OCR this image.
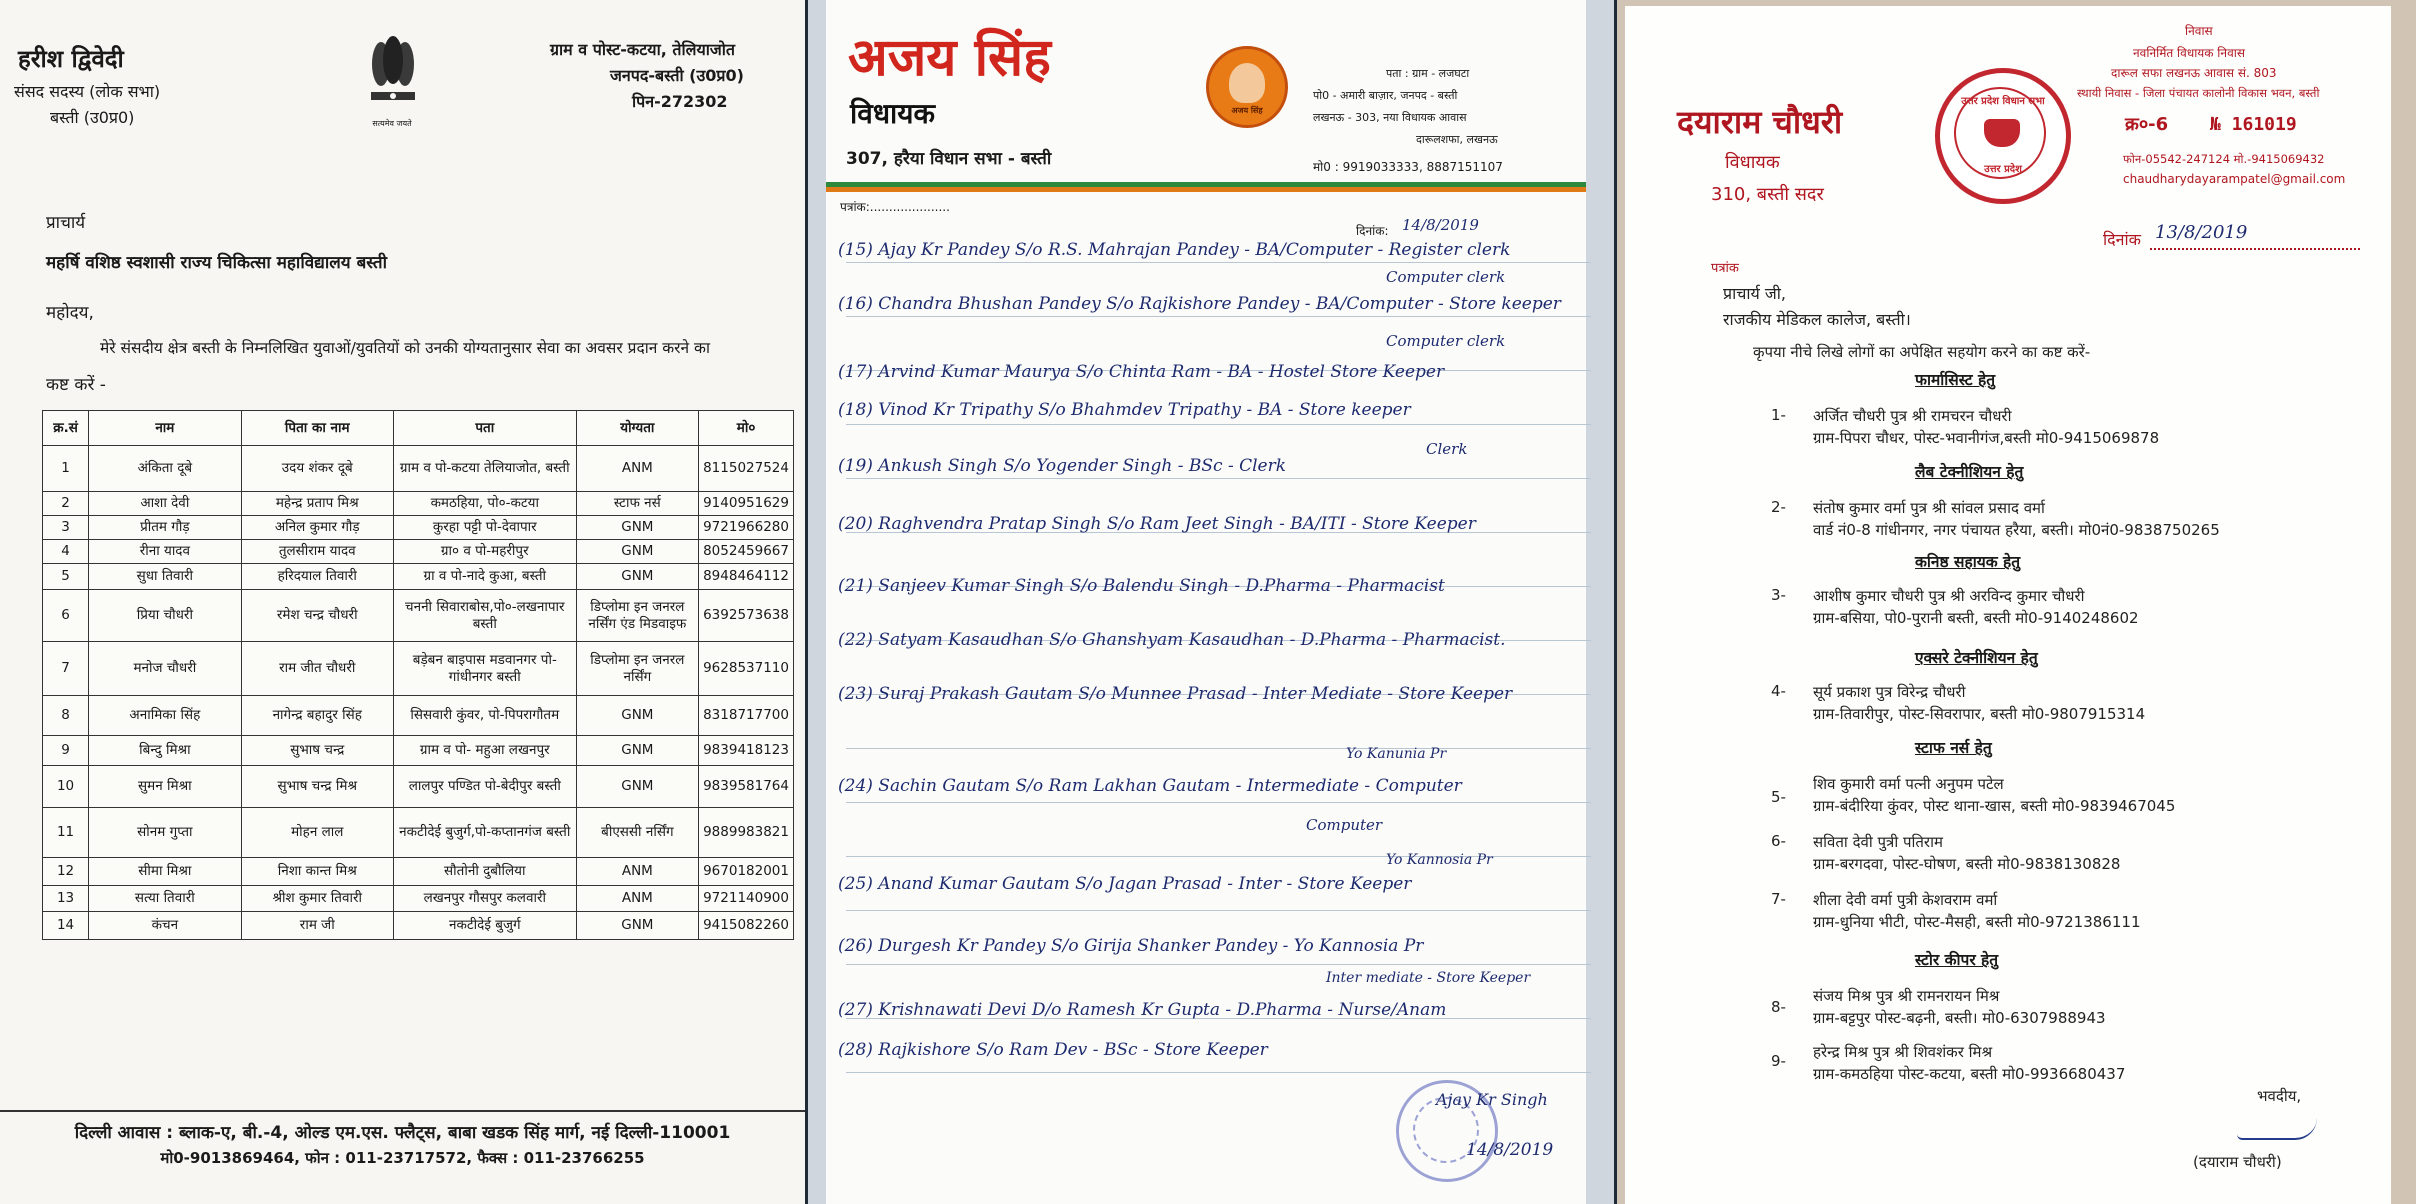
हरीश द्विवेदी
संसद सदस्य (लोक सभा)
बस्ती (उ0प्र0)	सत्यमेव जयते
ग्राम व पोस्ट-कटया, तेलियाजोत
जनपद-बस्ती (उ0प्र0)
पिन-272302
प्राचार्य
महर्षि वशिष्ठ स्वशासी राज्य चिकित्सा महाविद्यालय बस्ती
महोदय,
मेरे संसदीय क्षेत्र बस्ती के निम्नलिखित युवाओं/युवतियों को उनकी योग्यतानुसार सेवा का अवसर प्रदान करने का
कष्ट करें -
क्र.सं	नाम	पिता का नाम	पता	योग्यता	मो०
1	अंकिता दूबे	उदय शंकर दूबे	ग्राम व पो-कटया तेलियाजोत, बस्ती	ANM	8115027524
2	आशा देवी	महेन्द्र प्रताप मिश्र	कमठहिया, पो०-कटया	स्टाफ नर्स	9140951629
3	प्रीतम गौड़	अनिल कुमार गौड़	कुरहा पट्टी पो-देवापार	GNM	9721966280
4	रीना यादव	तुलसीराम यादव	ग्रा० व पो-महरीपुर	GNM	8052459667
5	सुधा तिवारी	हरिदयाल तिवारी	ग्रा व पो-नादे कुआ, बस्ती	GNM	8948464112
6	प्रिया चौधरी	रमेश चन्द्र चौधरी	चननी सिवाराबोस,पो०-लखनापार बस्ती	डिप्लोमा इन जनरल नर्सिंग एंड मिडवाइफ	6392573638
7	मनोज चौधरी	राम जीत चौधरी	बड़ेबन बाइपास मडवानगर पो-गांधीनगर बस्ती	डिप्लोमा इन जनरल नर्सिंग	9628537110
8	अनामिका सिंह	नागेन्द्र बहादुर सिंह	सिसवारी कुंवर, पो-पिपरागौतम	GNM	8318717700
9	बिन्दु मिश्रा	सुभाष चन्द्र	ग्राम व पो- महुआ लखनपुर	GNM	9839418123
10	सुमन मिश्रा	सुभाष चन्द्र मिश्र	लालपुर पण्डित पो-बेदीपुर बस्ती	GNM	9839581764
11	सोनम गुप्ता	मोहन लाल	नकटीदेई बुजुर्ग,पो-कप्तानगंज बस्ती	बीएससी नर्सिंग	9889983821
12	सीमा मिश्रा	निशा कान्त मिश्र	सौतोनी दुबौलिया	ANM	9670182001
13	सत्या तिवारी	श्रीश कुमार तिवारी	लखनपुर गौसपुर कलवारी	ANM	9721140900
14	कंचन	राम जी	नकटीदेई बुजुर्ग	GNM	9415082260
दिल्ली आवास : ब्लाक-ए, बी.-4, ओल्ड एम.एस. फ्लैट्स, बाबा खडक सिंह मार्ग, नई दिल्ली-110001
मो0-9013869464, फोन : 011-23717572, फैक्स : 011-23766255
अजय सिंह
विधायक
307, हरैया विधान सभा - बस्ती
अजय सिंह
पता : ग्राम - लजघटा
पो0 - अमारी बाज़ार, जनपद - बस्ती
लखनऊ - 303, नया विधायक आवास
दारूलशफा, लखनऊ
मो0 : 9919033333, 8887151107
पत्रांक:.....................
दिनांक: 14/8/2019
(15) Ajay Kr Pandey S/o R.S. Mahrajan Pandey - BA/Computer - Register clerk
Computer clerk
(16) Chandra Bhushan Pandey S/o Rajkishore Pandey - BA/Computer - Store keeper
Computer clerk
(17) Arvind Kumar Maurya S/o Chinta Ram - BA - Hostel Store Keeper
(18) Vinod Kr Tripathy S/o Bhahmdev Tripathy - BA - Store keeper
Clerk
(19) Ankush Singh S/o Yogender Singh - BSc - Clerk
(20) Raghvendra Pratap Singh S/o Ram Jeet Singh - BA/ITI - Store Keeper
(21) Sanjeev Kumar Singh S/o Balendu Singh - D.Pharma - Pharmacist
(22) Satyam Kasaudhan S/o Ghanshyam Kasaudhan - D.Pharma - Pharmacist.
(23) Suraj Prakash Gautam S/o Munnee Prasad - Inter Mediate - Store Keeper
Yo Kanunia Pr
(24) Sachin Gautam S/o Ram Lakhan Gautam - Intermediate - Computer
Computer
Yo Kannosia Pr
(25) Anand Kumar Gautam S/o Jagan Prasad - Inter - Store Keeper
(26) Durgesh Kr Pandey S/o Girija Shanker Pandey - Yo Kannosia Pr
Inter mediate - Store Keeper
(27) Krishnawati Devi D/o Ramesh Kr Gupta - D.Pharma - Nurse/Anam
(28) Rajkishore S/o Ram Dev - BSc - Store Keeper
Ajay Kr Singh
14/8/2019
दयाराम चौधरी
विधायक
310, बस्ती सदर
उत्तर प्रदेश विधान सभा
उत्तर प्रदेश
निवास
नवनिर्मित विधायक निवास
दारूल सफा लखनऊ आवास सं. 803
स्थायी निवास - जिला पंचायत कालोनी विकास भवन, बस्ती
क्र०-6 № 161019
फोन-05542-247124 मो.-9415069432
chaudharydayarampatel@gmail.com
दिनांक 13/8/2019
पत्रांक
प्राचार्य जी,
राजकीय मेडिकल कालेज, बस्ती।
कृपया नीचे लिखे लोगों का अपेक्षित सहयोग करने का कष्ट करें-
फार्मासिस्ट हेतु
1- अर्जित चौधरी पुत्र श्री रामचरन चौधरी
ग्राम-पिपरा चौधर, पोस्ट-भवानीगंज,बस्ती मो0-9415069878
लैब टेक्नीशियन हेतु
2- संतोष कुमार वर्मा पुत्र श्री सांवल प्रसाद वर्मा
वार्ड नं0-8 गांधीनगर, नगर पंचायत हरैया, बस्ती। मो0नं0-9838750265
कनिष्ठ सहायक हेतु
3- आशीष कुमार चौधरी पुत्र श्री अरविन्द कुमार चौधरी
ग्राम-बसिया, पो0-पुरानी बस्ती, बस्ती मो0-9140248602
एक्सरे टेक्नीशियन हेतु
4- सूर्य प्रकाश पुत्र विरेन्द्र चौधरी
ग्राम-तिवारीपुर, पोस्ट-सिवरापार, बस्ती मो0-9807915314
स्टाफ नर्स हेतु
5-
शिव कुमारी वर्मा पत्नी अनुपम पटेल
ग्राम-बंदीरिया कुंवर, पोस्ट थाना-खास, बस्ती मो0-9839467045
6- सविता देवी पुत्री पतिराम
ग्राम-बरगदवा, पोस्ट-घोषण, बस्ती मो0-9838130828
7- शीला देवी वर्मा पुत्री केशवराम वर्मा
ग्राम-धुनिया भीटी, पोस्ट-मैसही, बस्ती मो0-9721386111
स्टोर कीपर हेतु
8-
संजय मिश्र पुत्र श्री रामनरायन मिश्र
ग्राम-बट्टपुर पोस्ट-बढ़नी, बस्ती। मो0-6307988943
9- हरेन्द्र मिश्र पुत्र श्री शिवशंकर मिश्र
ग्राम-कमठहिया पोस्ट-कटया, बस्ती मो0-9936680437
भवदीय,
(दयाराम चौधरी)
